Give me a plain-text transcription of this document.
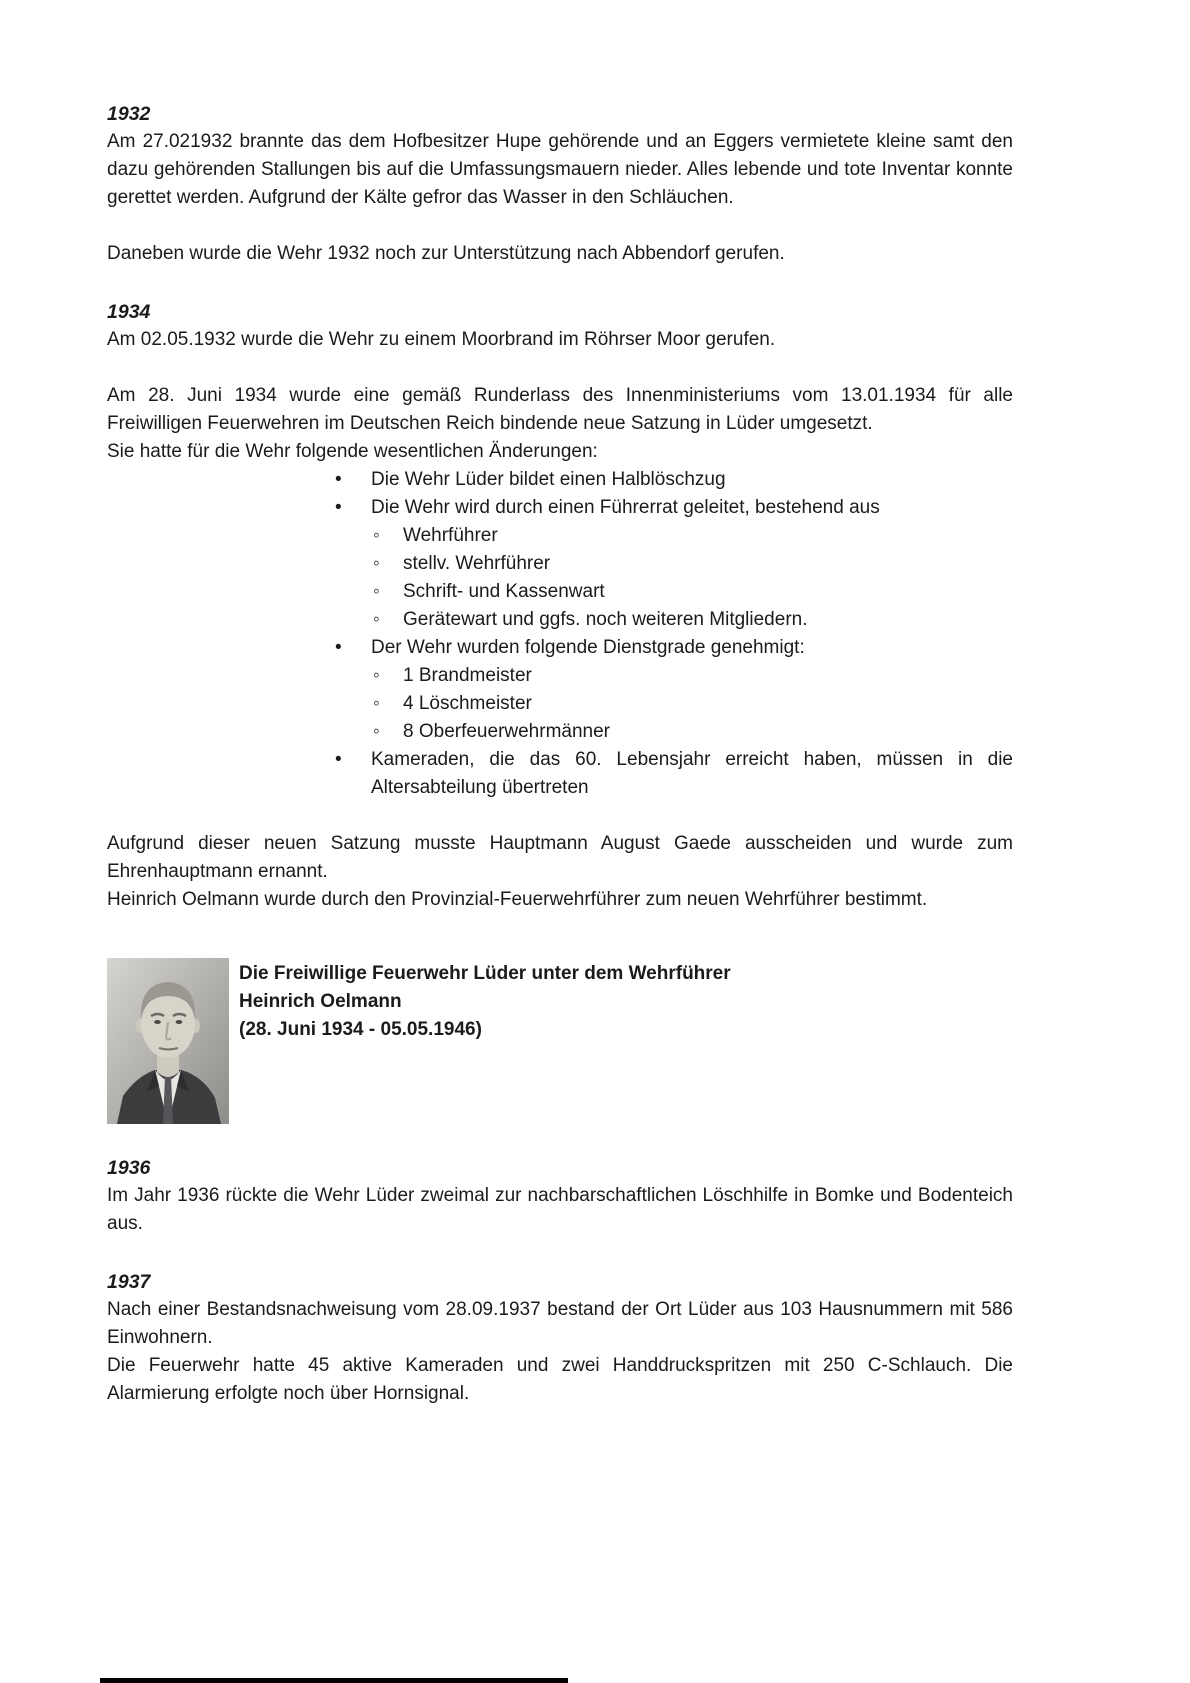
1932

Am 27.021932 brannte das dem Hofbesitzer Hupe gehörende und an Eggers vermietete kleine samt den dazu gehörenden Stallungen bis auf die Umfassungsmauern nieder. Alles lebende und tote Inventar konnte gerettet werden. Aufgrund der Kälte gefror das Wasser in den Schläuchen.

Daneben wurde die Wehr 1932 noch zur Unterstützung nach Abbendorf gerufen.

1934

Am 02.05.1932 wurde die Wehr zu einem Moorbrand im Röhrser Moor gerufen.

Am 28. Juni 1934 wurde eine gemäß Runderlass des Innenministeriums vom 13.01.1934 für alle Freiwilligen Feuerwehren im Deutschen Reich bindende neue Satzung in Lüder umgesetzt.

Sie hatte für die Wehr folgende wesentlichen Änderungen:

•
Die Wehr Lüder bildet einen Halblöschzug
•
Die Wehr wird durch einen Führerrat geleitet, bestehend aus
◦
Wehrführer
◦
stellv. Wehrführer
◦
Schrift- und Kassenwart
◦
Gerätewart und ggfs. noch weiteren Mitgliedern.
•
Der Wehr wurden folgende Dienstgrade genehmigt:
◦
1 Brandmeister
◦
4 Löschmeister
◦
8 Oberfeuerwehrmänner
•
Kameraden, die das 60. Lebensjahr erreicht haben, müssen in die Altersabteilung übertreten

Aufgrund dieser neuen Satzung musste Hauptmann August Gaede ausscheiden und wurde zum Ehrenhauptmann ernannt.

Heinrich Oelmann wurde durch den Provinzial-Feuerwehrführer zum neuen Wehrführer bestimmt.

Die Freiwillige Feuerwehr Lüder unter dem Wehrführer
Heinrich Oelmann
(28. Juni 1934 - 05.05.1946)
1936

Im Jahr 1936 rückte die Wehr Lüder zweimal zur nachbarschaftlichen Löschhilfe in Bomke und Bodenteich aus.

1937

Nach einer Bestandsnachweisung vom 28.09.1937 bestand der Ort Lüder aus 103 Hausnummern mit 586 Einwohnern.

Die Feuerwehr hatte 45 aktive Kameraden und zwei Handdruckspritzen mit 250 C-Schlauch. Die Alarmierung erfolgte noch über Hornsignal.
